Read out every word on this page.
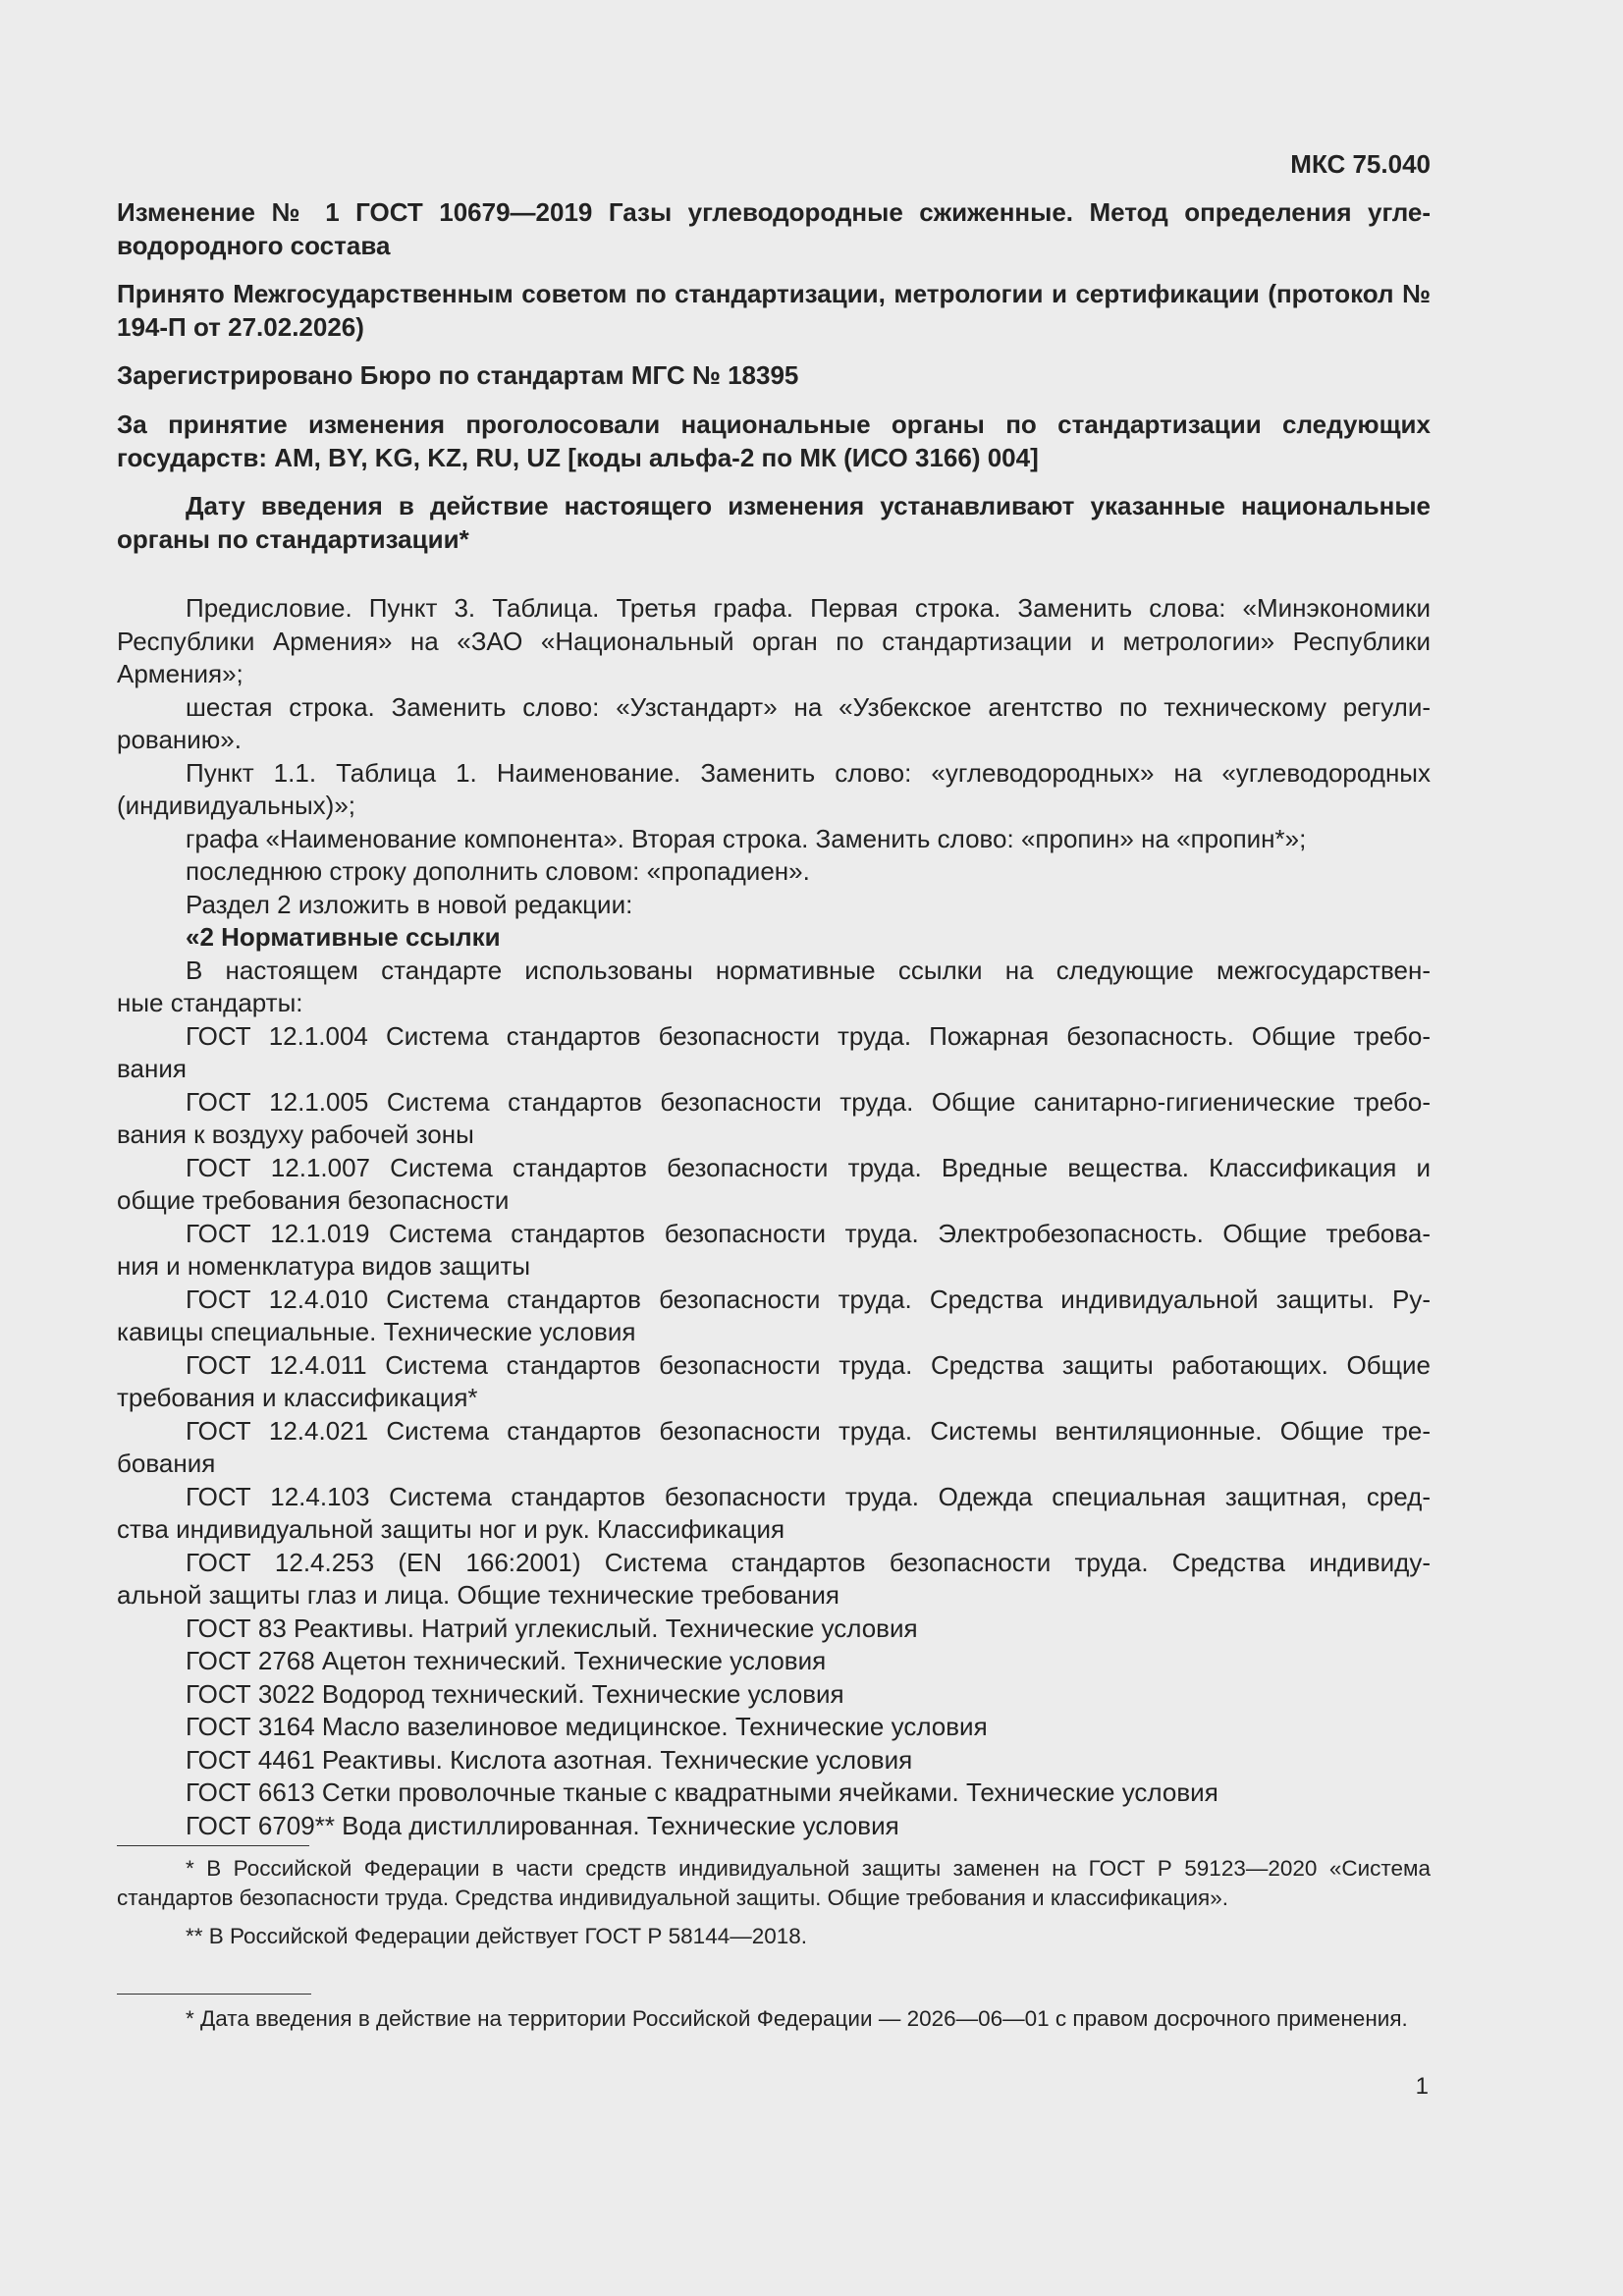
МКС 75.040
Изменение № 1 ГОСТ 10679—2019 Газы углеводородные сжиженные. Метод определения угле-водородного состава
Принято Межгосударственным советом по стандартизации, метрологии и сертификации (протокол № 194-П от 27.02.2026)
Зарегистрировано Бюро по стандартам МГС № 18395
За принятие изменения проголосовали национальные органы по стандартизации следующих государств: AM, BY, KG, KZ, RU, UZ [коды альфа-2 по МК (ИСО 3166) 004]
Дату введения в действие настоящего изменения устанавливают указанные национальные органы по стандартизации*
Предисловие. Пункт 3. Таблица. Третья графа. Первая строка. Заменить слова: «Минэкономики
Республики Армения» на «ЗАО «Национальный орган по стандартизации и метрологии» Республики
Армения»;
шестая строка. Заменить слово: «Узстандарт» на «Узбекское агентство по техническому регули-
рованию».
Пункт 1.1. Таблица 1. Наименование. Заменить слово: «углеводородных» на «углеводородных
(индивидуальных)»;
графа «Наименование компонента». Вторая строка. Заменить слово: «пропин» на «пропин*»;
последнюю строку дополнить словом: «пропадиен».
Раздел 2 изложить в новой редакции:
«2 Нормативные ссылки
В настоящем стандарте использованы нормативные ссылки на следующие межгосударствен-
ные стандарты:
ГОСТ 12.1.004 Система стандартов безопасности труда. Пожарная безопасность. Общие требо-
вания
ГОСТ 12.1.005 Система стандартов безопасности труда. Общие санитарно-гигиенические требо-
вания к воздуху рабочей зоны
ГОСТ 12.1.007 Система стандартов безопасности труда. Вредные вещества. Классификация и
общие требования безопасности
ГОСТ 12.1.019 Система стандартов безопасности труда. Электробезопасность. Общие требова-
ния и номенклатура видов защиты
ГОСТ 12.4.010 Система стандартов безопасности труда. Средства индивидуальной защиты. Ру-
кавицы специальные. Технические условия
ГОСТ 12.4.011 Система стандартов безопасности труда. Средства защиты работающих. Общие
требования и классификация*
ГОСТ 12.4.021 Система стандартов безопасности труда. Системы вентиляционные. Общие тре-
бования
ГОСТ 12.4.103 Система стандартов безопасности труда. Одежда специальная защитная, сред-
ства индивидуальной защиты ног и рук. Классификация
ГОСТ 12.4.253 (EN 166:2001) Система стандартов безопасности труда. Средства индивиду-
альной защиты глаз и лица. Общие технические требования
ГОСТ 83 Реактивы. Натрий углекислый. Технические условия
ГОСТ 2768 Ацетон технический. Технические условия
ГОСТ 3022 Водород технический. Технические условия
ГОСТ 3164 Масло вазелиновое медицинское. Технические условия
ГОСТ 4461 Реактивы. Кислота азотная. Технические условия
ГОСТ 6613 Сетки проволочные тканые с квадратными ячейками. Технические условия
ГОСТ 6709** Вода дистиллированная. Технические условия
* В Российской Федерации в части средств индивидуальной защиты заменен на ГОСТ Р 59123—2020 «Система стандартов безопасности труда. Средства индивидуальной защиты. Общие требования и классификация».
** В Российской Федерации действует ГОСТ Р 58144—2018.
* Дата введения в действие на территории Российской Федерации — 2026—06—01 с правом досрочного применения.
1
